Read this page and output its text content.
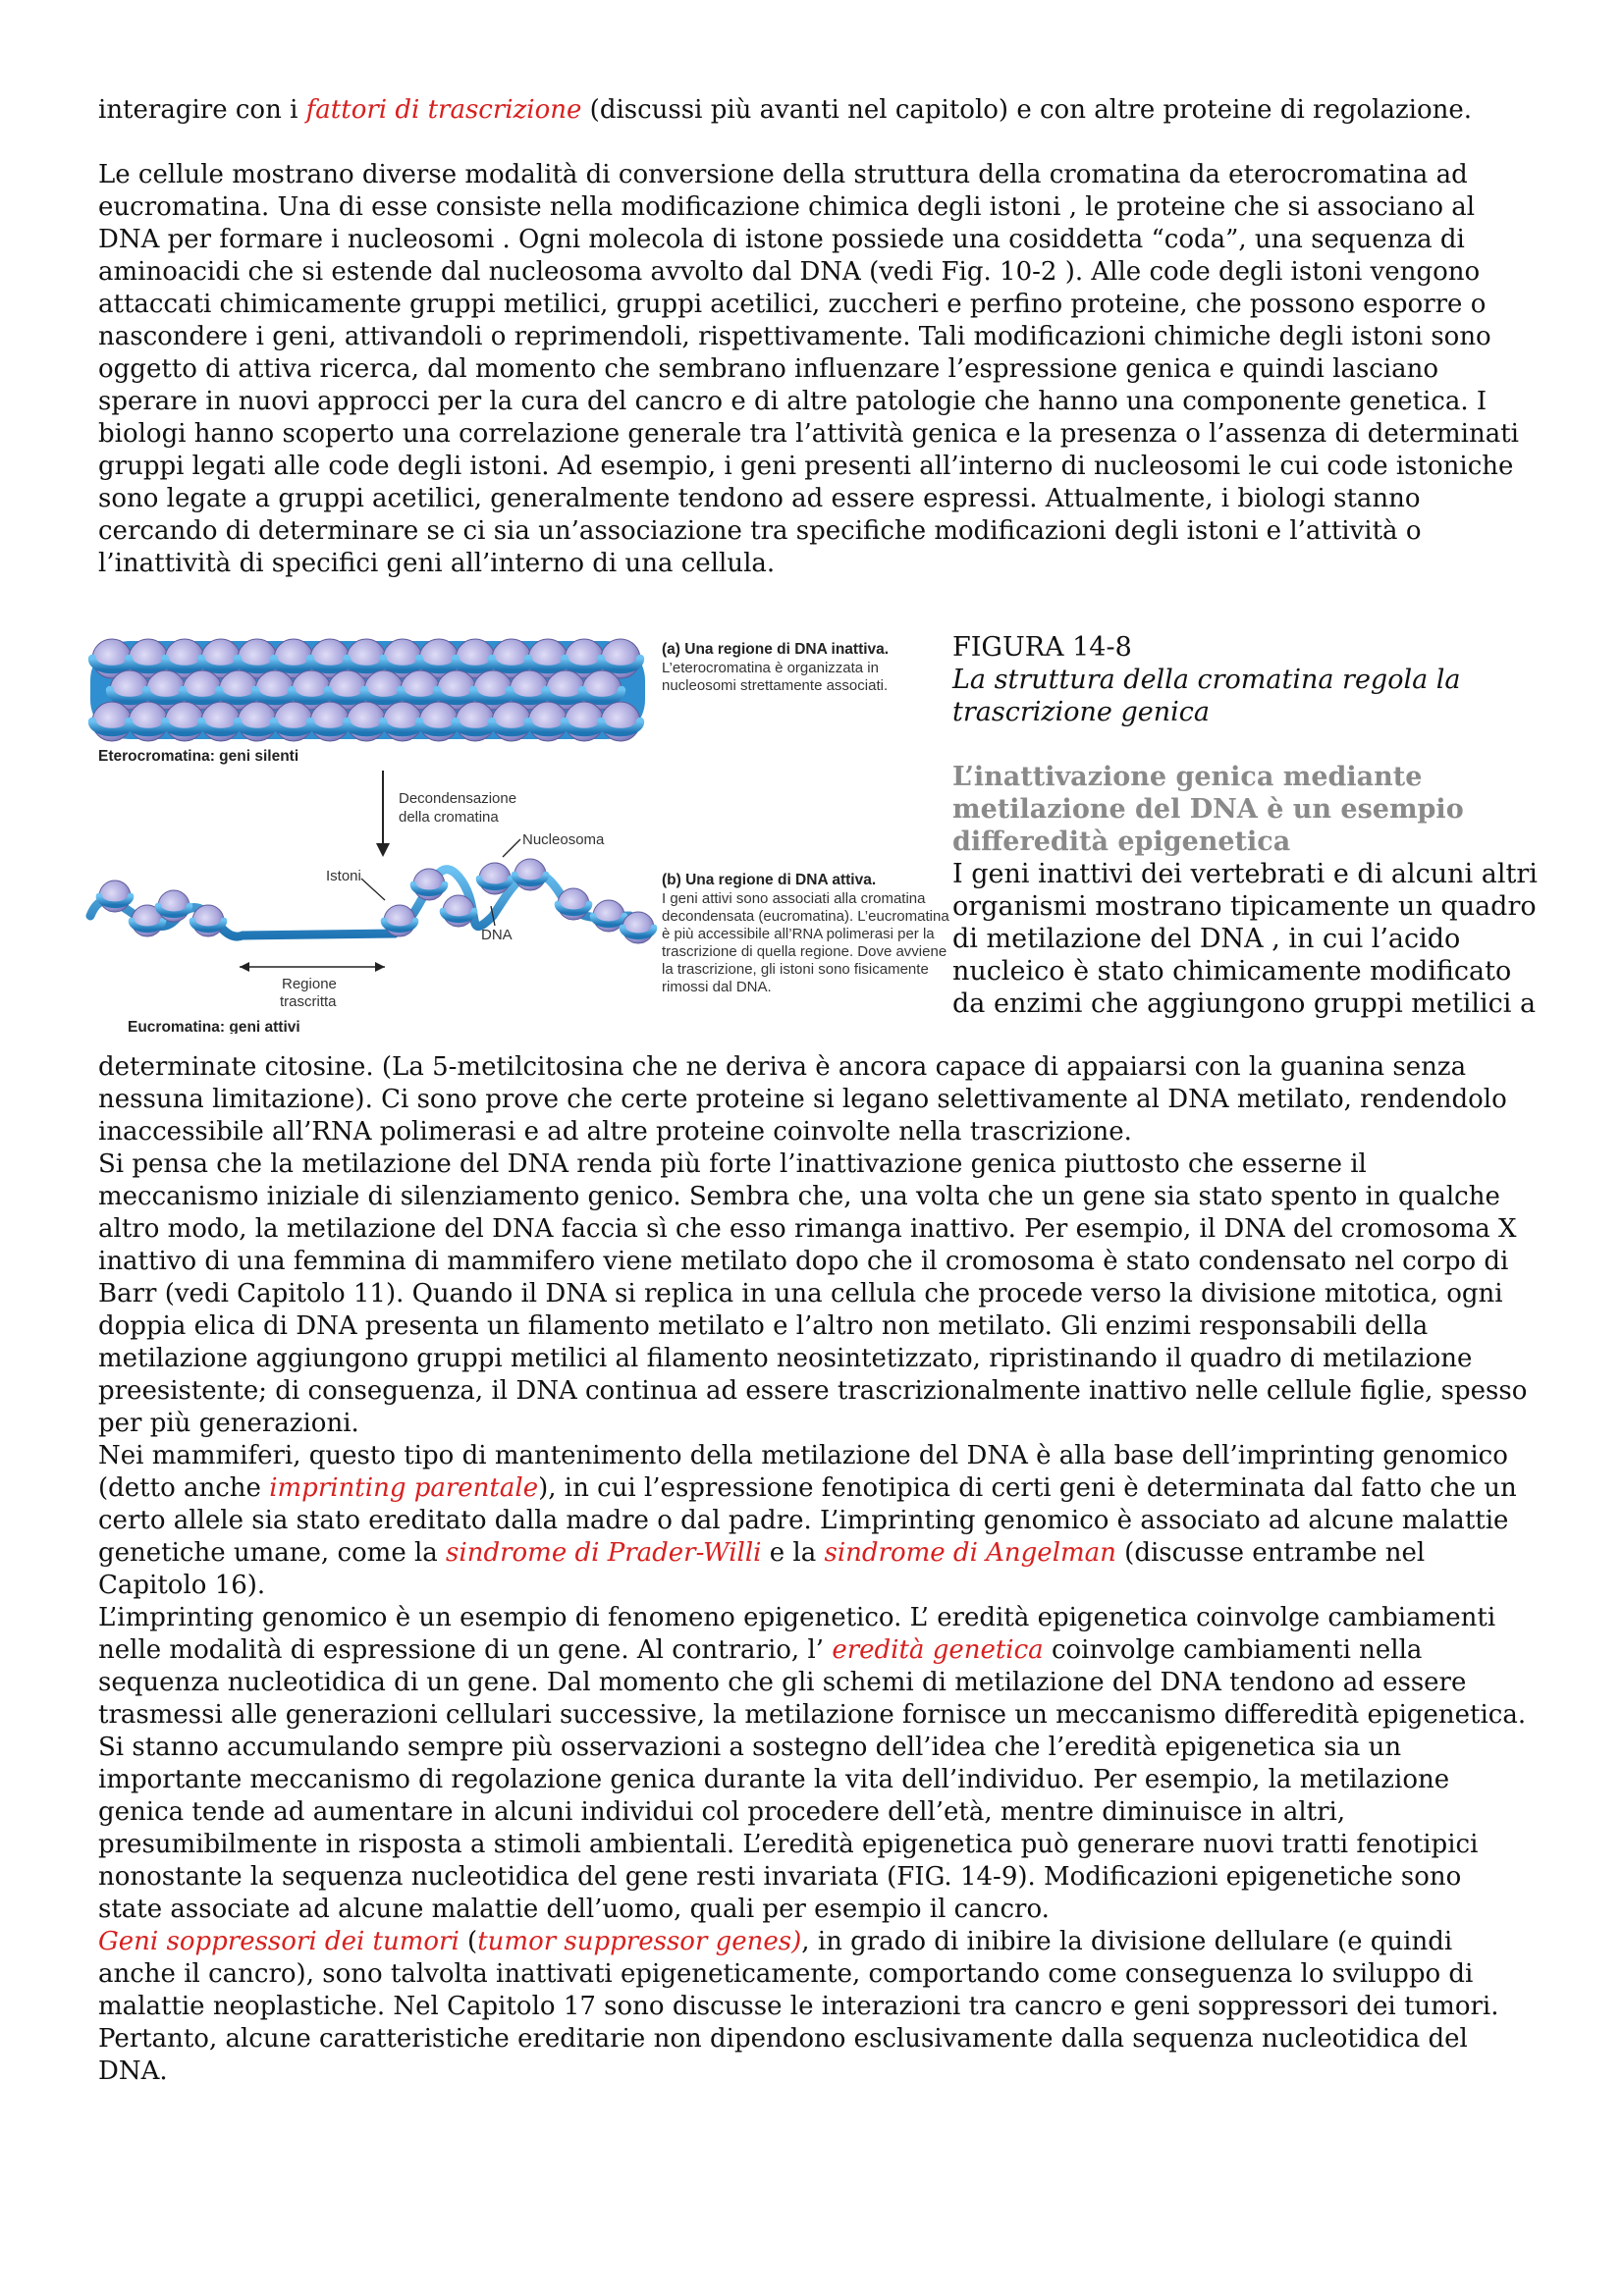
interagire con i fattori di trascrizione (discussi più avanti nel capitolo) e con altre proteine di regolazione.

Le cellule mostrano diverse modalità di conversione della struttura della cromatina da eterocromatina ad eucromatina. Una di esse consiste nella modificazione chimica degli istoni , le proteine che si associano al DNA per formare i nucleosomi . Ogni molecola di istone possiede una cosiddetta “coda”, una sequenza di aminoacidi che si estende dal nucleosoma avvolto dal DNA (vedi Fig. 10-2 ). Alle code degli istoni vengono attaccati chimicamente gruppi metilici, gruppi acetilici, zuccheri e perfino proteine, che possono esporre o nascondere i geni, attivandoli o reprimendoli, rispettivamente. Tali modificazioni chimiche degli istoni sono oggetto di attiva ricerca, dal momento che sembrano influenzare l’espressione genica e quindi lasciano sperare in nuovi approcci per la cura del cancro e di altre patologie che hanno una componente genetica. I biologi hanno scoperto una correlazione generale tra l’attività genica e la presenza o l’assenza di determinati gruppi legati alle code degli istoni. Ad esempio, i geni presenti all’interno di nucleosomi le cui code istoniche sono legate a gruppi acetilici, generalmente tendono ad essere espressi. Attualmente, i biologi stanno cercando di determinare se ci sia un’associazione tra specifiche modificazioni degli istoni e l’attività o l’inattività di specifici geni all’interno di una cellula.

Eterocromatina: geni silenti
Decondensazione
della cromatina
Nucleosoma
Istoni
DNA
Regione
trascritta
Eucromatina: geni attivi
(a) Una regione di DNA inattiva.
L’eterocromatina è organizzata in
nucleosomi strettamente associati.
(b) Una regione di DNA attiva.
I geni attivi sono associati alla cromatina
decondensata (eucromatina). L’eucromatina
è più accessibile all’RNA polimerasi per la
trascrizione di quella regione. Dove avviene
la trascrizione, gli istoni sono fisicamente
rimossi dal DNA.
FIGURA 14-8
La struttura della cromatina regola la trascrizione genica
L’inattivazione genica mediante metilazione del DNA è un esempio differedità epigenetica
I geni inattivi dei vertebrati e di alcuni altri organismi mostrano tipicamente un quadro di metilazione del DNA , in cui l’acido nucleico è stato chimicamente modificato da enzimi che aggiungono gruppi metilici a

determinate citosine. (La 5-metilcitosina che ne deriva è ancora capace di appaiarsi con la guanina senza nessuna limitazione). Ci sono prove che certe proteine si legano selettivamente al DNA metilato, rendendolo inaccessibile all’RNA polimerasi e ad altre proteine coinvolte nella trascrizione.

Si pensa che la metilazione del DNA renda più forte l’inattivazione genica piuttosto che esserne il meccanismo iniziale di silenziamento genico. Sembra che, una volta che un gene sia stato spento in qualche altro modo, la metilazione del DNA faccia sì che esso rimanga inattivo. Per esempio, il DNA del cromosoma X inattivo di una femmina di mammifero viene metilato dopo che il cromosoma è stato condensato nel corpo di Barr (vedi Capitolo 11). Quando il DNA si replica in una cellula che procede verso la divisione mitotica, ogni doppia elica di DNA presenta un filamento metilato e l’altro non metilato. Gli enzimi responsabili della metilazione aggiungono gruppi metilici al filamento neosintetizzato, ripristinando il quadro di metilazione preesistente; di conseguenza, il DNA continua ad essere trascrizionalmente inattivo nelle cellule figlie, spesso per più generazioni.

Nei mammiferi, questo tipo di mantenimento della metilazione del DNA è alla base dell’imprinting genomico (detto anche imprinting parentale), in cui l’espressione fenotipica di certi geni è determinata dal fatto che un certo allele sia stato ereditato dalla madre o dal padre. L’imprinting genomico è associato ad alcune malattie genetiche umane, come la sindrome di Prader-Willi e la sindrome di Angelman (discusse entrambe nel Capitolo 16).

L’imprinting genomico è un esempio di fenomeno epigenetico. L’ eredità epigenetica coinvolge cambiamenti nelle modalità di espressione di un gene. Al contrario, l’ eredità genetica coinvolge cambiamenti nella sequenza nucleotidica di un gene. Dal momento che gli schemi di metilazione del DNA tendono ad essere trasmessi alle generazioni cellulari successive, la metilazione fornisce un meccanismo differedità epigenetica. Si stanno accumulando sempre più osservazioni a sostegno dell’idea che l’eredità epigenetica sia un importante meccanismo di regolazione genica durante la vita dell’individuo. Per esempio, la metilazione genica tende ad aumentare in alcuni individui col procedere dell’età, mentre diminuisce in altri, presumibilmente in risposta a stimoli ambientali. L’eredità epigenetica può generare nuovi tratti fenotipici nonostante la sequenza nucleotidica del gene resti invariata (FIG. 14-9). Modificazioni epigenetiche sono state associate ad alcune malattie dell’uomo, quali per esempio il cancro.

Geni soppressori dei tumori (tumor suppressor genes), in grado di inibire la divisione dellulare (e quindi anche il cancro), sono talvolta inattivati epigeneticamente, comportando come conseguenza lo sviluppo di malattie neoplastiche. Nel Capitolo 17 sono discusse le interazioni tra cancro e geni soppressori dei tumori. Pertanto, alcune caratteristiche ereditarie non dipendono esclusivamente dalla sequenza nucleotidica del DNA.
